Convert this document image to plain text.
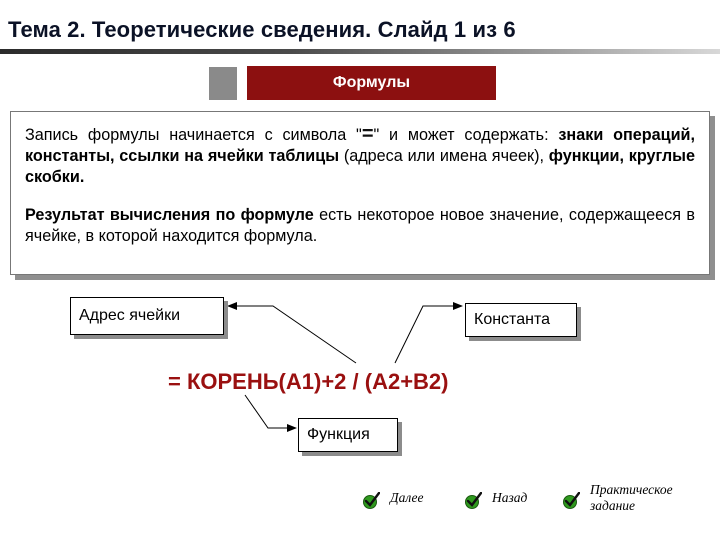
Тема 2. Теоретические сведения. Слайд 1 из 6
Формулы

Запись формулы начинается с символа "=" и может содержать: знаки операций, константы, ссылки на ячейки таблицы (адреса или имена ячеек), функции, круглые скобки.

Результат вычисления по формуле есть некоторое новое значение, содержащееся в ячейке, в которой находится формула.

Адрес ячейки	Константа
Функция
= КОРЕНЬ(A1)+2 / (A2+B2)
Далее	Назад
Практическое задание
